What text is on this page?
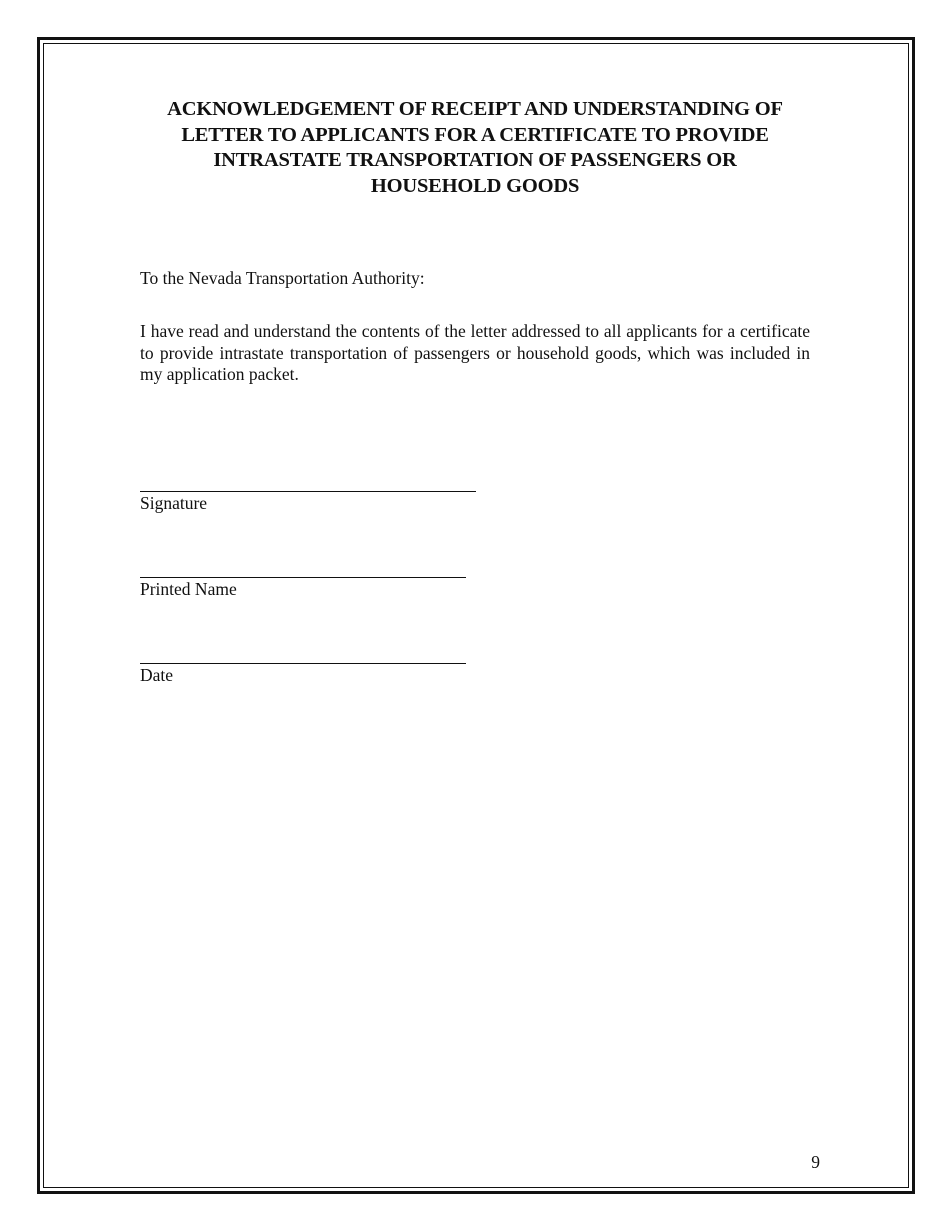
ACKNOWLEDGEMENT OF RECEIPT AND UNDERSTANDING OF
LETTER TO APPLICANTS FOR A CERTIFICATE TO PROVIDE
INTRASTATE TRANSPORTATION OF PASSENGERS OR
HOUSEHOLD GOODS
To the Nevada Transportation Authority:
I have read and understand the contents of the letter addressed to all applicants for a certificate to provide intrastate transportation of passengers or household goods, which was included in my application packet.
Signature
Printed Name
Date
9
